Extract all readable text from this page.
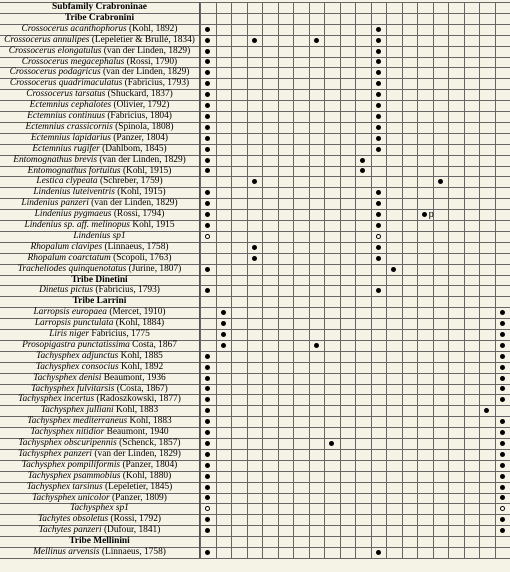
Subfamily Crabroninae
Tribe Crabronini
Crossocerus acanthophorus (Kohl, 1892)
Crossocerus annulipes (Lepeletier & Brullé, 1834)
Crossocerus elongatulus (van der Linden, 1829)
Crossocerus megacephalus (Rossi, 1790)
Crossocerus podagricus (van der Linden, 1829)
Crossocerus quadrimaculatus (Fabricius, 1793)
Crossocerus tarsatus (Shuckard, 1837)
Ectemnius cephalotes (Olivier, 1792)
Ectemnius continuus (Fabricius, 1804)
Ectemnius crassicornis (Spinola, 1808)
Ectemnius lapidarius (Panzer, 1804)
Ectemnius rugifer (Dahlbom, 1845)
Entomognathus brevis (van der Linden, 1829)
Entomognathus fortuitus (Kohl, 1915)
Lestica clypeata (Schreber, 1759)
Lindenius luteiventris (Kohl, 1915)
Lindenius panzeri (van der Linden, 1829)
Lindenius pygmaeus (Rossi, 1794)	p
Lindenius sp. aff. melinopus Kohl, 1915
Lindenius sp1
Rhopalum clavipes (Linnaeus, 1758)
Rhopalum coarctatum (Scopoli, 1763)
Tracheliodes quinquenotatus (Jurine, 1807)
Tribe Dinetini
Dinetus pictus (Fabricius, 1793)
Tribe Larrini
Larropsis europaea (Mercet, 1910)
Larropsis punctulata (Kohl, 1884)
Liris niger Fabricius, 1775
Prosopigastra punctatissima Costa, 1867
Tachysphex adjunctus Kohl, 1885
Tachysphex consocius Kohl, 1892
Tachysphex denisi Beaumont, 1936
Tachysphex fulvitarsis (Costa, 1867)
Tachysphex incertus (Radoszkowski, 1877)
Tachysphex julliani Kohl, 1883
Tachysphex mediterraneus Kohl, 1883
Tachysphex nitidior Beaumont, 1940
Tachysphex obscuripennis (Schenck, 1857)
Tachysphex panzeri (van der Linden, 1829)
Tachysphex pompiliformis (Panzer, 1804)
Tachysphex psammobius (Kohl, 1880)
Tachysphex tarsinus (Lepeletier, 1845)
Tachysphex unicolor (Panzer, 1809)
Tachysphex sp1
Tachytes obsoletus (Rossi, 1792)
Tachytes panzeri (Dufour, 1841)
Tribe Mellinini
Mellinus arvensis (Linnaeus, 1758)
